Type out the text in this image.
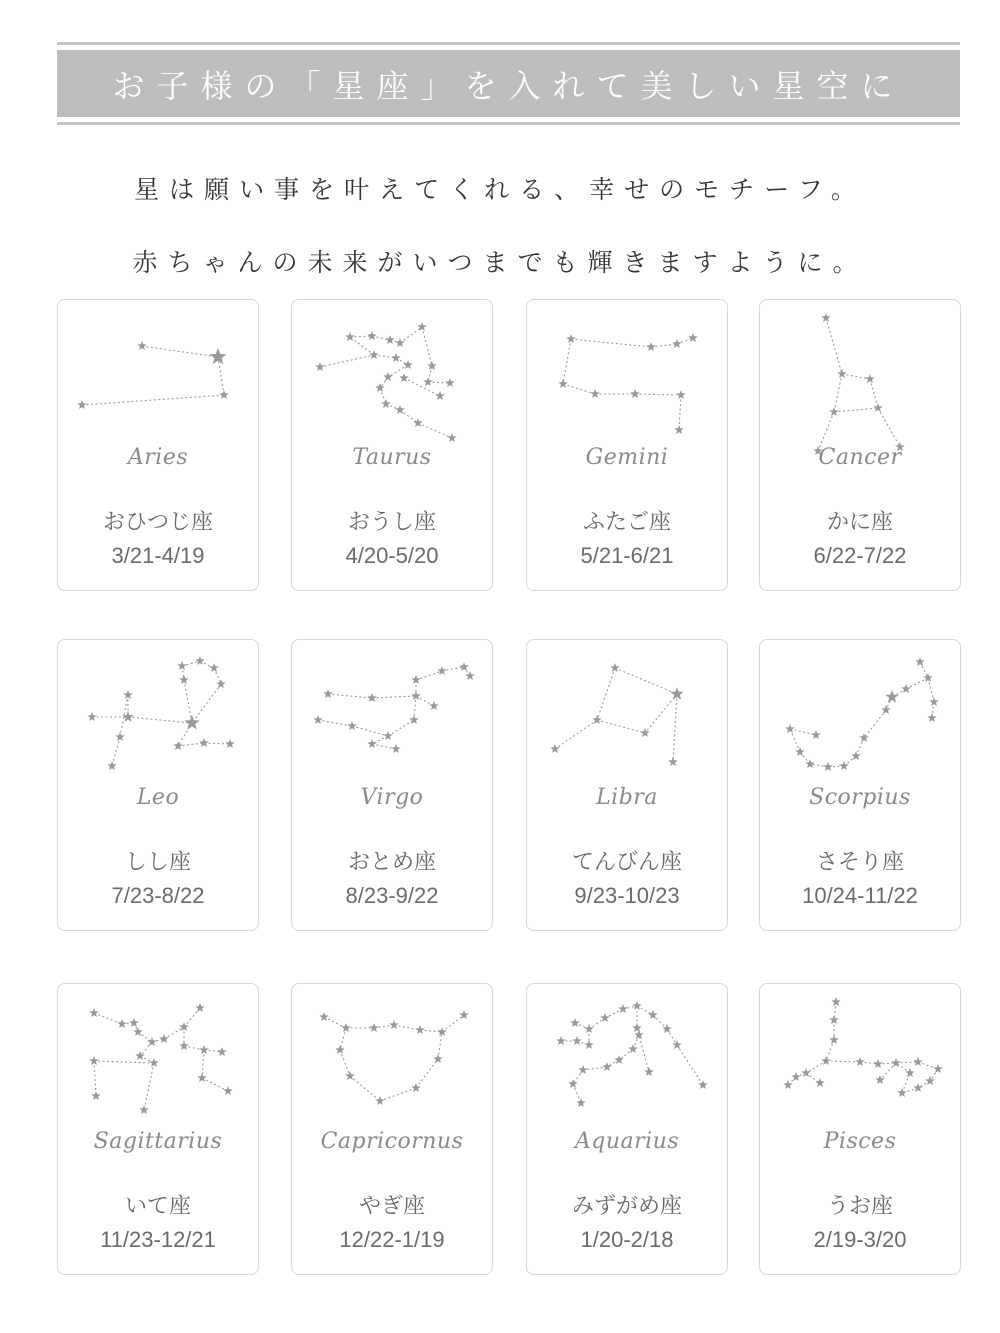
お子様の「星座」を入れて美しい星空に
星は願い事を叶えてくれる、幸せのモチーフ。
赤ちゃんの未来がいつまでも輝きますように。
Aries
おひつじ座
3/21-4/19
Taurus
おうし座
4/20-5/20
Gemini
ふたご座
5/21-6/21
Cancer
かに座
6/22-7/22
Leo
しし座
7/23-8/22
Virgo
おとめ座
8/23-9/22
Libra
てんびん座
9/23-10/23
Scorpius
さそり座
10/24-11/22
Sagittarius
いて座
11/23-12/21
Capricornus
やぎ座
12/22-1/19
Aquarius
みずがめ座
1/20-2/18
Pisces
うお座
2/19-3/20
